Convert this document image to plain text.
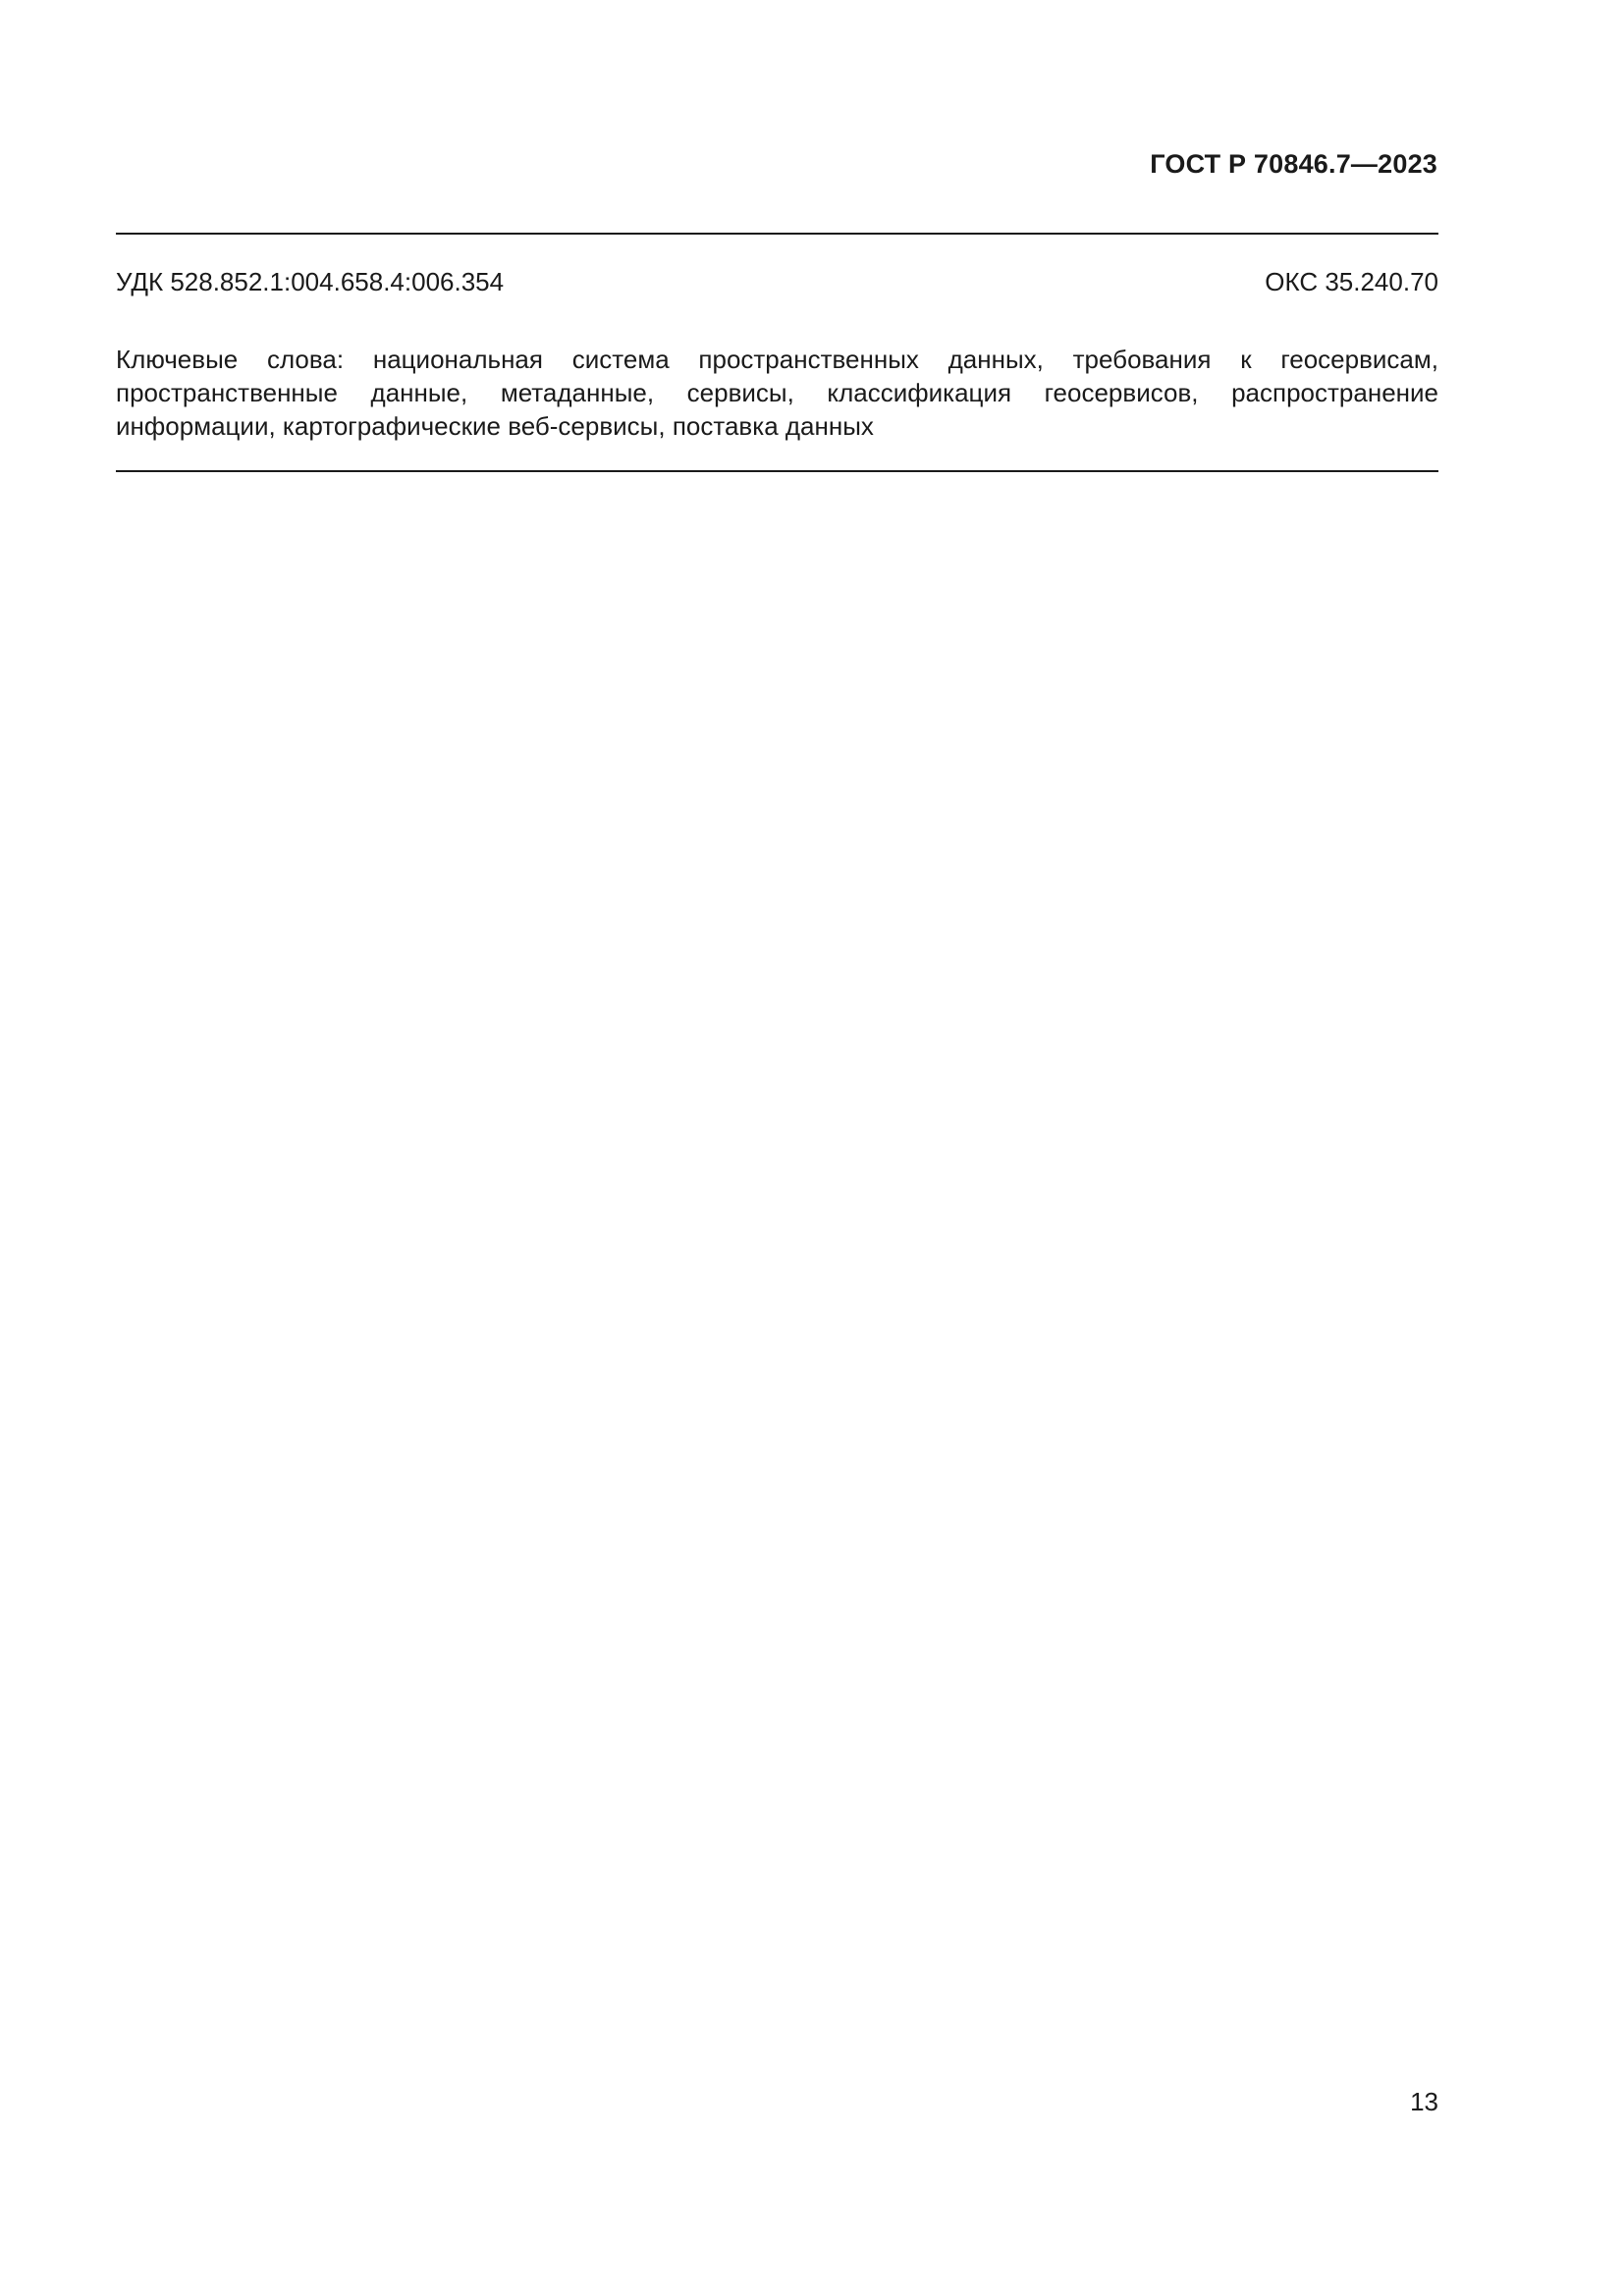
ГОСТ Р 70846.7—2023
УДК 528.852.1:004.658.4:006.354	ОКС 35.240.70
Ключевые слова: национальная система пространственных данных, требования к геосервисам, пространственные данные, метаданные, сервисы, классификация геосервисов, распространение информации, картографические веб-сервисы, поставка данных
13
